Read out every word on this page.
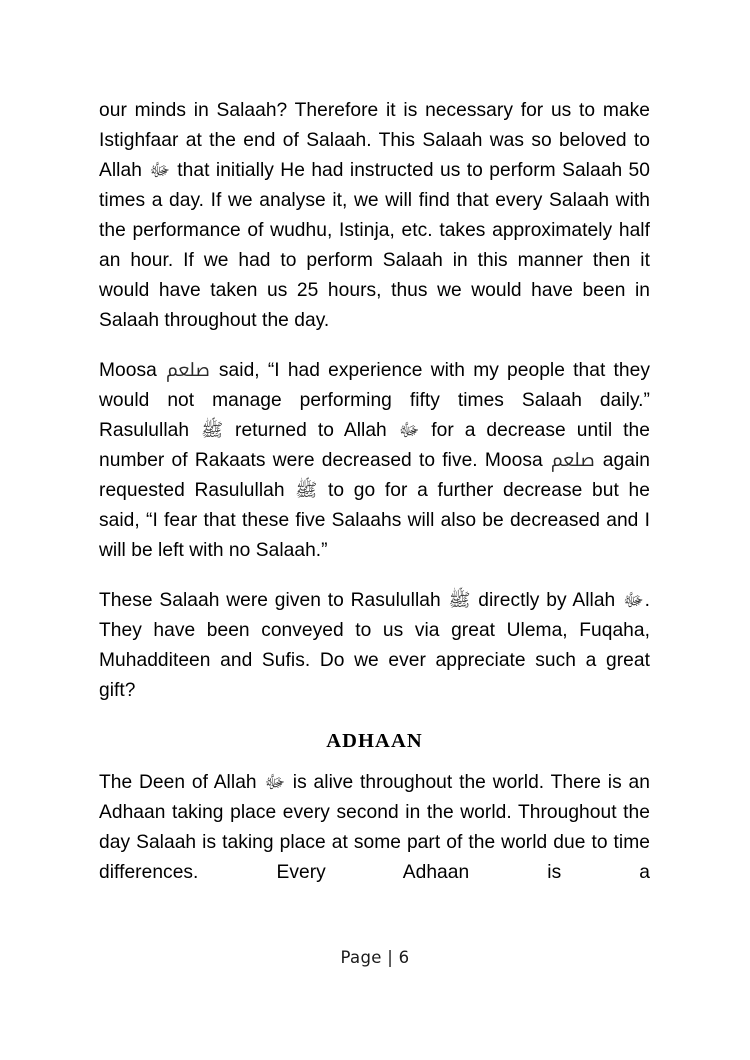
our minds in Salaah? Therefore it is necessary for us to make Istighfaar at the end of Salaah. This Salaah was so beloved to Allah ﷻ that initially He had instructed us to perform Salaah 50 times a day. If we analyse it, we will find that every Salaah with the performance of wudhu, Istinja, etc. takes approximately half an hour. If we had to perform Salaah in this manner then it would have taken us 25 hours, thus we would have been in Salaah throughout the day.

Moosa ﷵ said, “I had experience with my people that they would not manage performing fifty times Salaah daily.” Rasulullah ﷺ returned to Allah ﷻ for a decrease until the number of Rakaats were decreased to five. Moosa ﷵ again requested Rasulullah ﷺ to go for a further decrease but he said, “I fear that these five Salaahs will also be decreased and I will be left with no Salaah.”

These Salaah were given to Rasulullah ﷺ directly by Allah ﷻ. They have been conveyed to us via great Ulema, Fuqaha, Muhadditeen and Sufis. Do we ever appreciate such a great gift?

ADHAAN

The Deen of Allah ﷻ is alive throughout the world. There is an Adhaan taking place every second in the world. Throughout the day Salaah is taking place at some part of the world due to time differences. Every Adhaan is a

Page | 6
